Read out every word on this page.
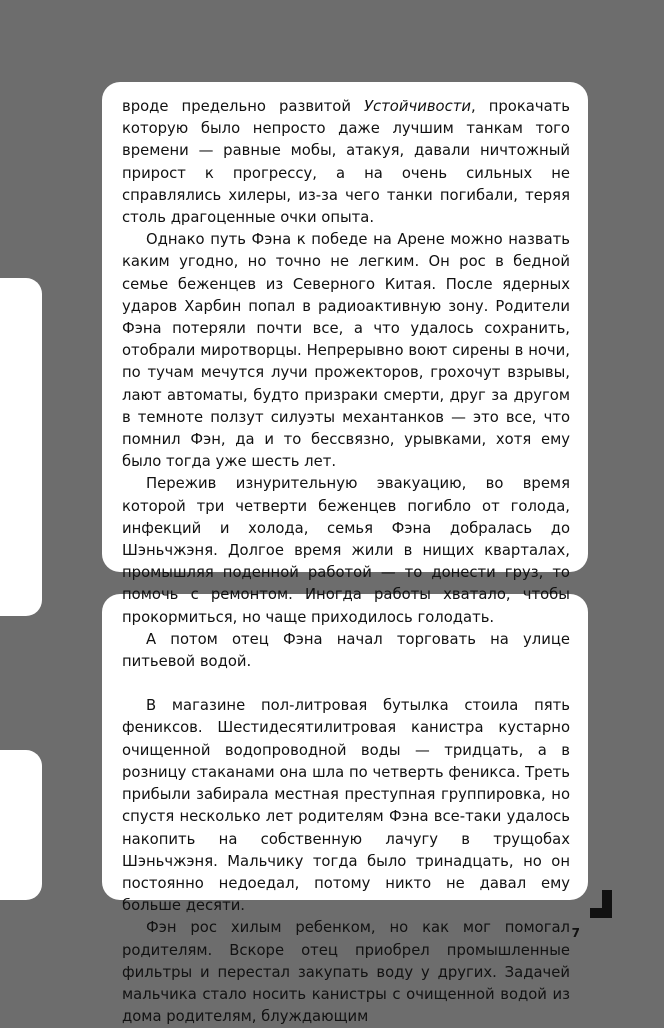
вроде предельно развитой Устойчивости, прокачать которую было непросто даже лучшим танкам того времени — равные мобы, атакуя, давали ничтожный прирост к прогрессу, а на очень сильных не справлялись хилеры, из-за чего танки погибали, теряя столь драгоценные очки опыта.

Однако путь Фэна к победе на Арене можно назвать каким угодно, но точно не легким. Он рос в бедной семье беженцев из Северного Китая. После ядерных ударов Харбин попал в радиоактивную зону. Родители Фэна потеряли почти все, а что удалось сохранить, отобрали миротворцы. Непрерывно воют сирены в ночи, по тучам мечутся лучи прожекторов, грохочут взрывы, лают автоматы, будто призраки смерти, друг за другом в темноте ползут силуэты механтанков — это все, что помнил Фэн, да и то бессвязно, урывками, хотя ему было тогда уже шесть лет.

Пережив изнурительную эвакуацию, во время которой три четверти беженцев погибло от голода, инфекций и холода, семья Фэна добралась до Шэньчжэня. Долгое время жили в нищих кварталах, промышляя поденной работой — то донести груз, то помочь с ремонтом. Иногда работы хватало, чтобы прокормиться, но чаще приходилось голодать.

А потом отец Фэна начал торговать на улице питьевой водой.

В магазине пол-литровая бутылка стоила пять фениксов. Шестидесятилитровая канистра кустарно очищенной водопроводной воды — тридцать, а в розницу стаканами она шла по четверть феникса. Треть прибыли забирала местная преступная группировка, но спустя несколько лет родителям Фэна все-таки удалось накопить на собственную лачугу в трущобах Шэньчжэня. Мальчику тогда было тринадцать, но он постоянно недоедал, потому никто не давал ему больше десяти.

Фэн рос хилым ребенком, но как мог помогал родителям. Вскоре отец приобрел промышленные фильтры и перестал закупать воду у других. Задачей мальчика стало носить канистры с очищенной водой из дома родителям, блуждающим

7
